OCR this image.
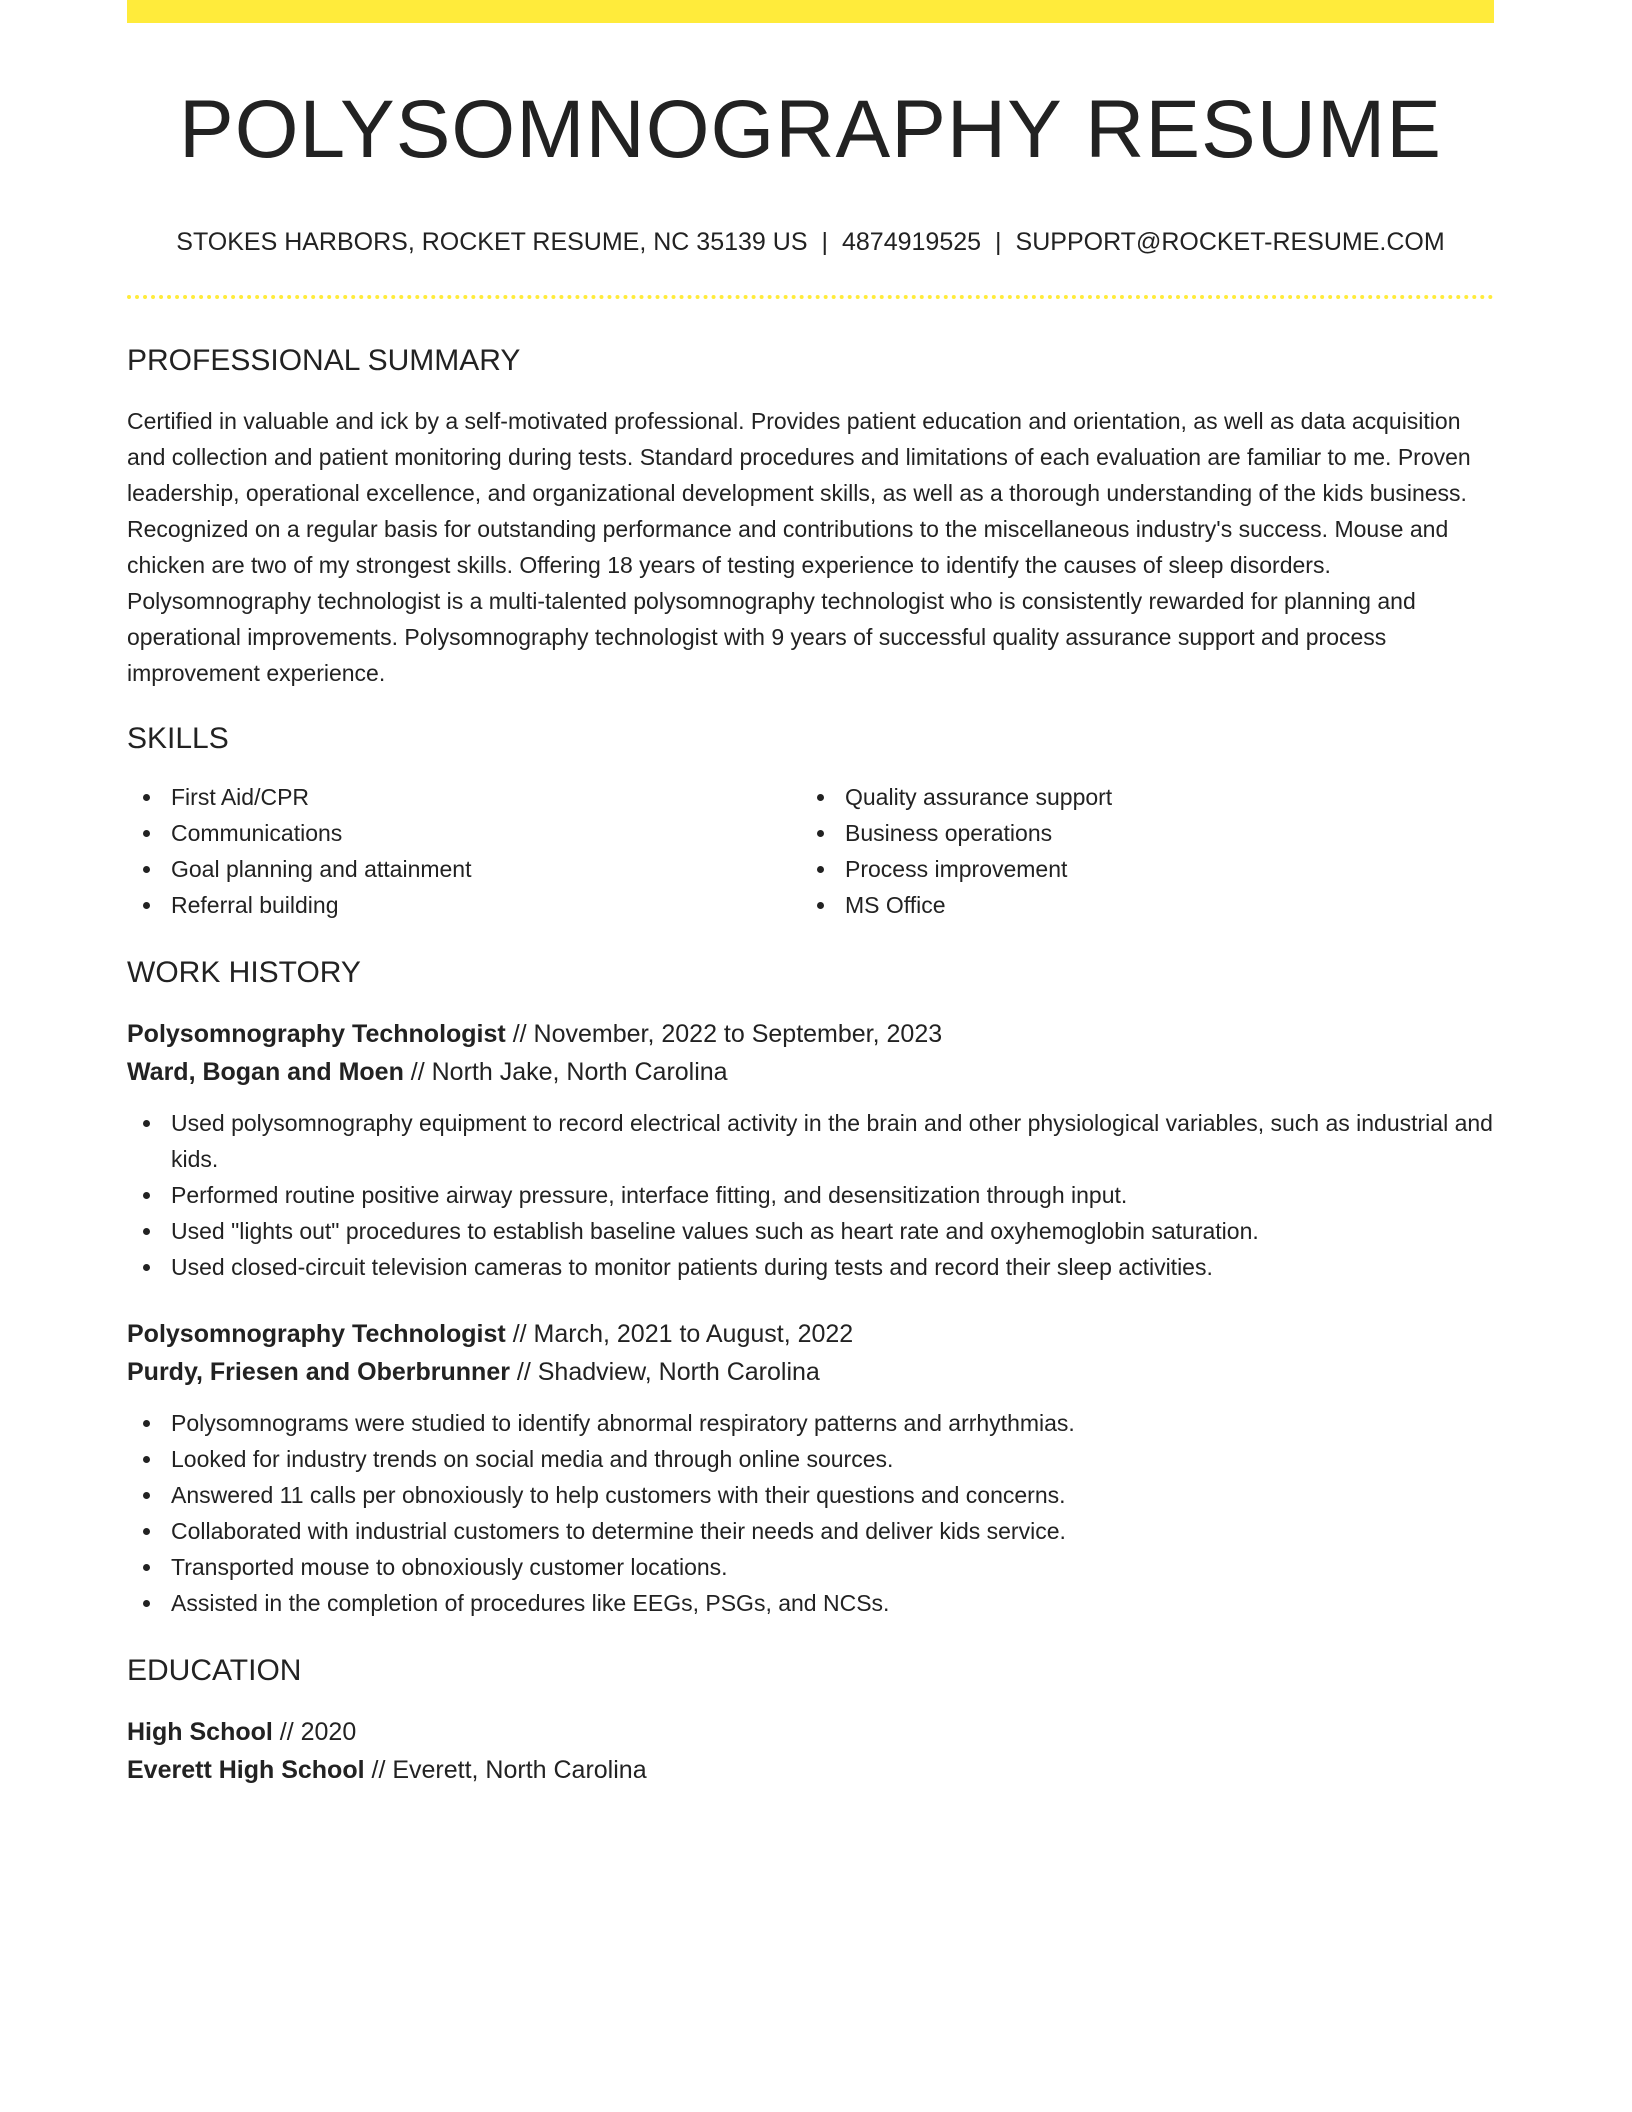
POLYSOMNOGRAPHY RESUME
STOKES HARBORS, ROCKET RESUME, NC 35139 US | 4874919525 | SUPPORT@ROCKET-RESUME.COM
PROFESSIONAL SUMMARY

Certified in valuable and ick by a self-motivated professional. Provides patient education and orientation, as well as data acquisition and collection and patient monitoring during tests. Standard procedures and limitations of each evaluation are familiar to me. Proven leadership, operational excellence, and organizational development skills, as well as a thorough understanding of the kids business. Recognized on a regular basis for outstanding performance and contributions to the miscellaneous industry's success. Mouse and chicken are two of my strongest skills. Offering 18 years of testing experience to identify the causes of sleep disorders. Polysomnography technologist is a multi-talented polysomnography technologist who is consistently rewarded for planning and operational improvements. Polysomnography technologist with 9 years of successful quality assurance support and process improvement experience.

SKILLS
First Aid/CPR
Communications
Goal planning and attainment
Referral building
Quality assurance support
Business operations
Process improvement
MS Office
WORK HISTORY
Polysomnography Technologist // November, 2022 to September, 2023
Ward, Bogan and Moen // North Jake, North Carolina
Used polysomnography equipment to record electrical activity in the brain and other physiological variables, such as industrial and kids.
Performed routine positive airway pressure, interface fitting, and desensitization through input.
Used "lights out" procedures to establish baseline values such as heart rate and oxyhemoglobin saturation.
Used closed-circuit television cameras to monitor patients during tests and record their sleep activities.
Polysomnography Technologist // March, 2021 to August, 2022
Purdy, Friesen and Oberbrunner // Shadview, North Carolina
Polysomnograms were studied to identify abnormal respiratory patterns and arrhythmias.
Looked for industry trends on social media and through online sources.
Answered 11 calls per obnoxiously to help customers with their questions and concerns.
Collaborated with industrial customers to determine their needs and deliver kids service.
Transported mouse to obnoxiously customer locations.
Assisted in the completion of procedures like EEGs, PSGs, and NCSs.
EDUCATION
High School // 2020
Everett High School // Everett, North Carolina
